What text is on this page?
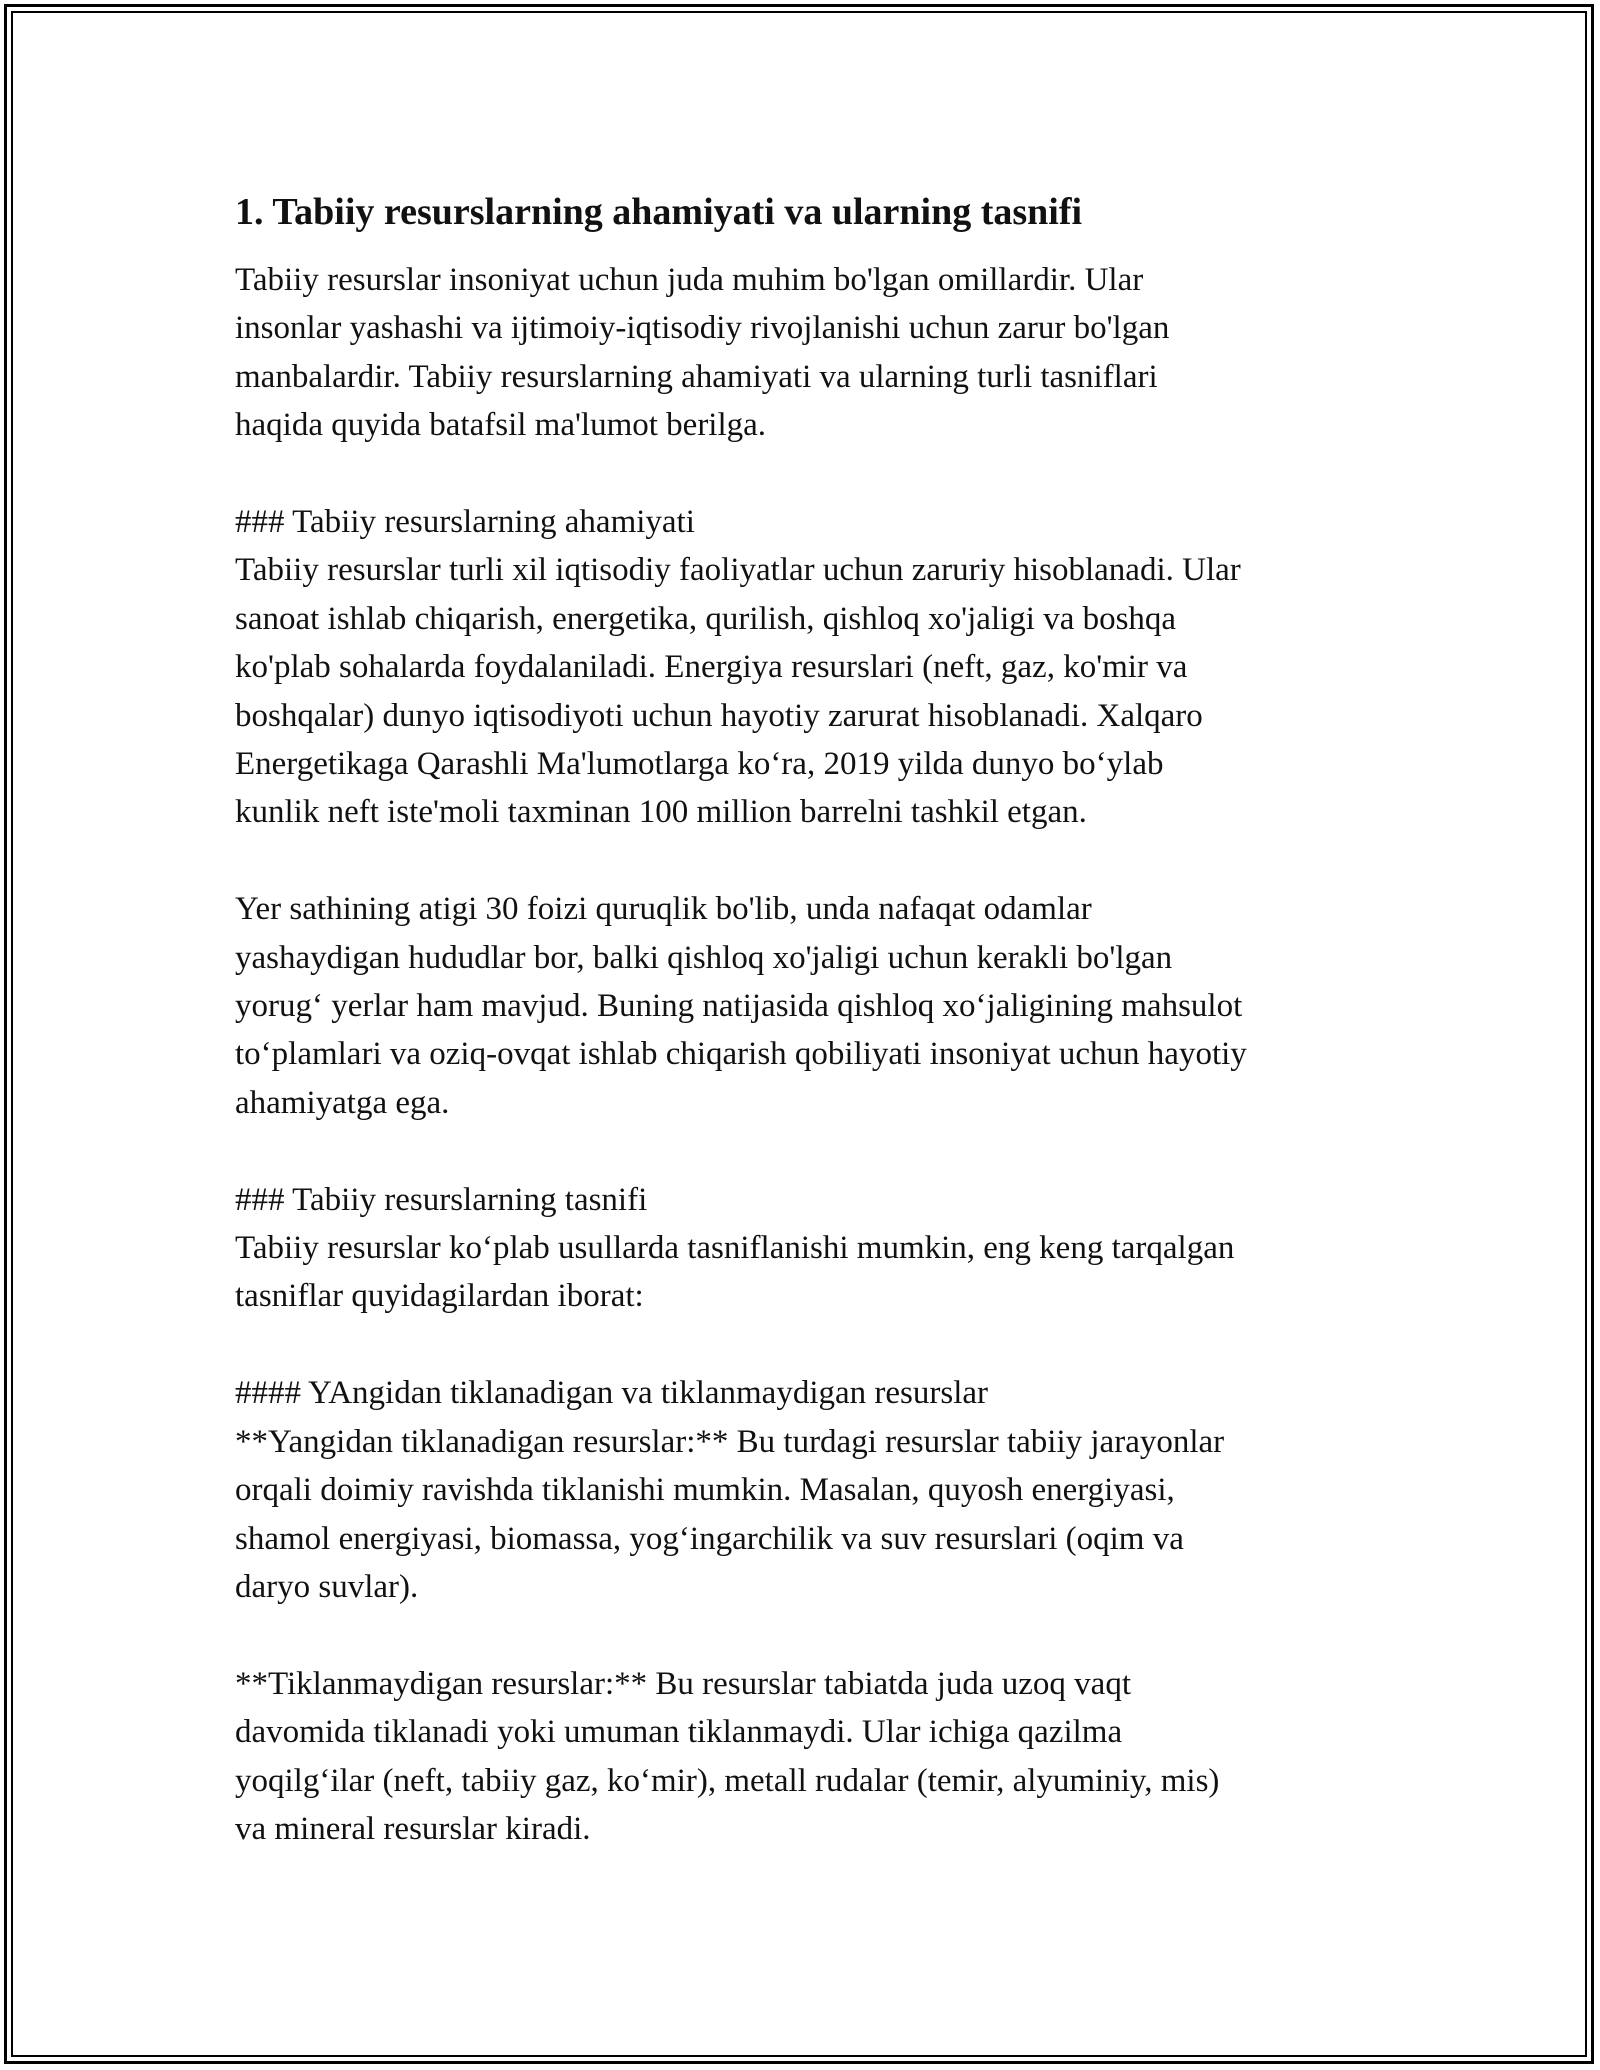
1. Tabiiy resurslarning ahamiyati va ularning tasnifi
Tabiiy resurslar insoniyat uchun juda muhim bo'lgan omillardir. Ular
insonlar yashashi va ijtimoiy-iqtisodiy rivojlanishi uchun zarur bo'lgan
manbalardir. Tabiiy resurslarning ahamiyati va ularning turli tasniflari
haqida quyida batafsil ma'lumot berilga.
### Tabiiy resurslarning ahamiyati
Tabiiy resurslar turli xil iqtisodiy faoliyatlar uchun zaruriy hisoblanadi. Ular
sanoat ishlab chiqarish, energetika, qurilish, qishloq xo'jaligi va boshqa
ko'plab sohalarda foydalaniladi. Energiya resurslari (neft, gaz, ko'mir va
boshqalar) dunyo iqtisodiyoti uchun hayotiy zarurat hisoblanadi. Xalqaro
Energetikaga Qarashli Ma'lumotlarga ko‘ra, 2019 yilda dunyo bo‘ylab
kunlik neft iste'moli taxminan 100 million barrelni tashkil etgan.
Yer sathining atigi 30 foizi quruqlik bo'lib, unda nafaqat odamlar
yashaydigan hududlar bor, balki qishloq xo'jaligi uchun kerakli bo'lgan
yorug‘ yerlar ham mavjud. Buning natijasida qishloq xo‘jaligining mahsulot
to‘plamlari va oziq-ovqat ishlab chiqarish qobiliyati insoniyat uchun hayotiy
ahamiyatga ega.
### Tabiiy resurslarning tasnifi
Tabiiy resurslar ko‘plab usullarda tasniflanishi mumkin, eng keng tarqalgan
tasniflar quyidagilardan iborat:
#### YAngidan tiklanadigan va tiklanmaydigan resurslar
**Yangidan tiklanadigan resurslar:** Bu turdagi resurslar tabiiy jarayonlar
orqali doimiy ravishda tiklanishi mumkin. Masalan, quyosh energiyasi,
shamol energiyasi, biomassa, yog‘ingarchilik va suv resurslari (oqim va
daryo suvlar).
**Tiklanmaydigan resurslar:** Bu resurslar tabiatda juda uzoq vaqt
davomida tiklanadi yoki umuman tiklanmaydi. Ular ichiga qazilma
yoqilg‘ilar (neft, tabiiy gaz, ko‘mir), metall rudalar (temir, alyuminiy, mis)
va mineral resurslar kiradi.
